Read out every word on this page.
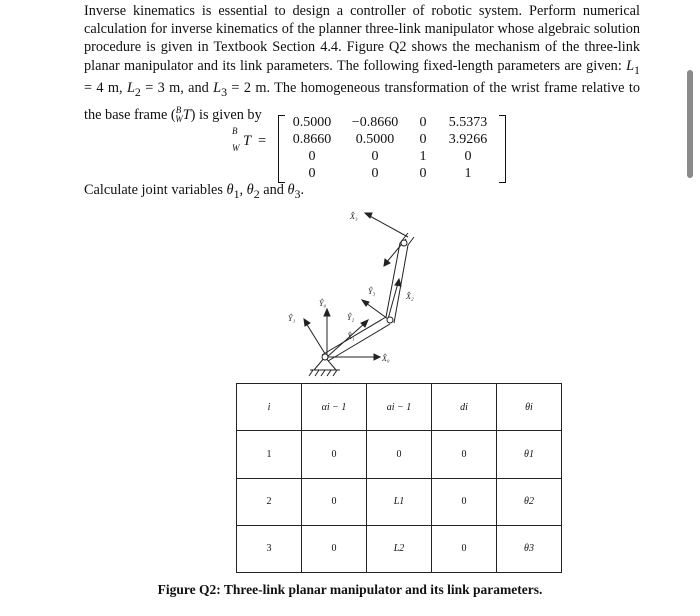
Inverse kinematics is essential to design a controller of robotic system. Perform numerical calculation for inverse kinematics of the planner three-link manipulator whose algebraic solution procedure is given in Textbook Section 4.4. Figure Q2 shows the mechanism of the three-link planar manipulator and its link parameters. The following fixed-length parameters are given: $L_1 = 4$ m, $L_2 = 3$ m, and $L_3 = 2$ m. The homogeneous transformation of the wrist frame relative to the base frame ($^B_W$T) is given by
B
W T =
0.5000	−0.8660	0	5.5373
0.8660	0.5000	0	3.9266
0	0	1	0
0	0	0	1
Calculate joint variables $\theta_1$, $\theta_2$ and $\theta_3$.
X̂₃
Ŷ₃
X̂₂
Ŷ₀
Ŷ₁	Ŷ₂
X̂₁
X̂₀
i	αi − 1	ai − 1	di	θi
1	0	0	0	θ1
2	0	L1	0	θ2
3	0	L2	0	θ3
Figure Q2: Three-link planar manipulator and its link parameters.
